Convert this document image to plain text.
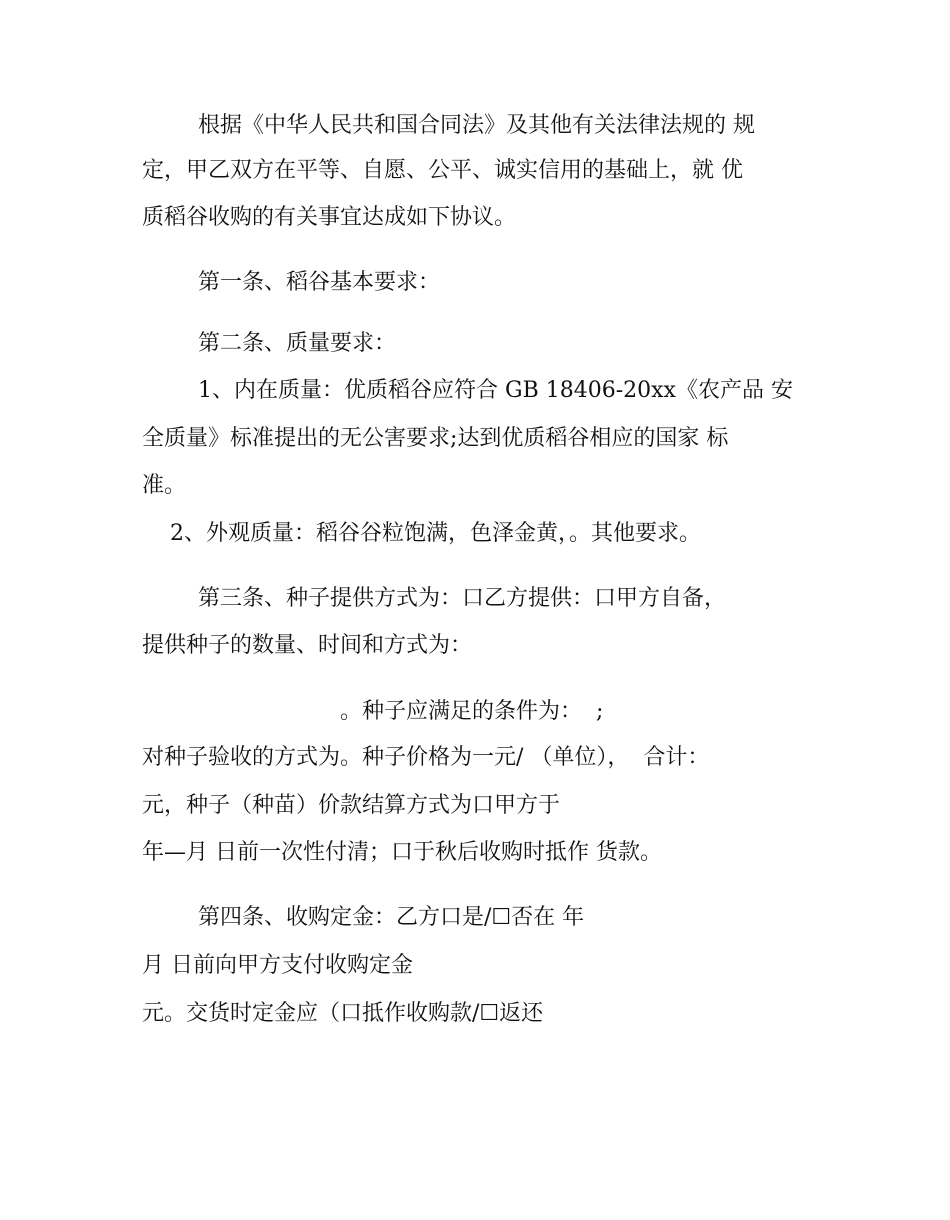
根据《中华人民共和国合同法》及其他有关法律法规的 规
定，甲乙双方在平等、自愿、公平、诚实信用的基础上，就 优
质稻谷收购的有关事宜达成如下协议。
第一条、稻谷基本要求：
第二条、质量要求：
1、内在质量：优质稻谷应符合 GB 18406-20xx《农产品 安
全质量》标准提出的无公害要求;达到优质稻谷相应的国家 标
准。
2、外观质量：稻谷谷粒饱满，色泽金黄，。其他要求。
第三条、种子提供方式为：口乙方提供：口甲方自备，
提供种子的数量、时间和方式为：
。种子应满足的条件为：  ;
对种子验收的方式为。种子价格为一元/ （单位），  合计：
元，种子（种苗）价款结算方式为口甲方于
年—月 日前一次性付清；口于秋后收购时抵作 货款。
第四条、收购定金：乙方口是/☐否在 年
月 日前向甲方支付收购定金
元。交货时定金应（口抵作收购款/☐返还
